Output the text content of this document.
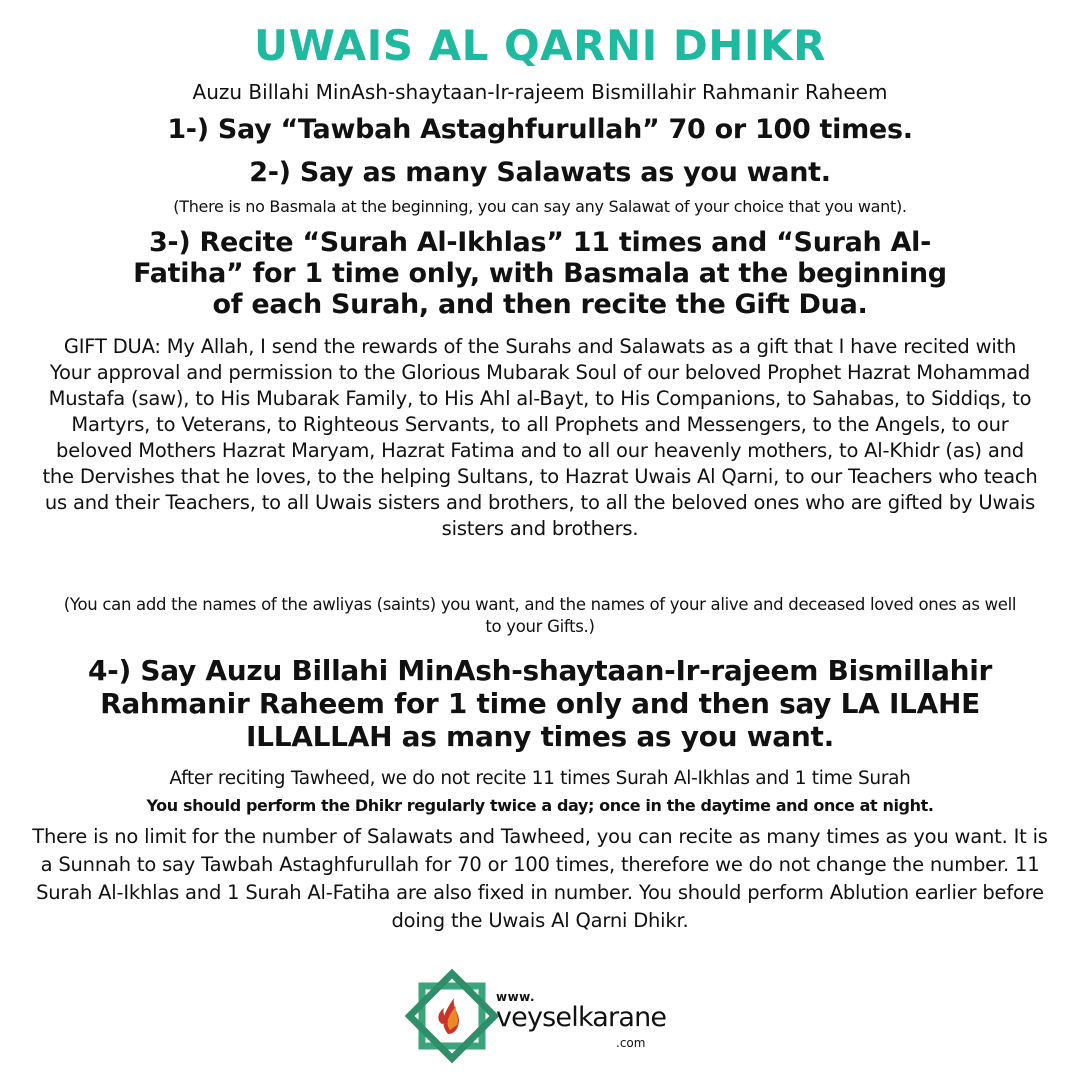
UWAIS AL QARNI DHIKR
Auzu Billahi MinAsh-shaytaan-Ir-rajeem Bismillahir Rahmanir Raheem
1-) Say “Tawbah Astaghfurullah” 70 or 100 times.
2-) Say as many Salawats as you want.
(There is no Basmala at the beginning, you can say any Salawat of your choice that you want).
3-) Recite “Surah Al-Ikhlas” 11 times and “Surah Al-Fatiha” for 1 time only, with Basmala at the beginning of each Surah, and then recite the Gift Dua.
GIFT DUA: My Allah, I send the rewards of the Surahs and Salawats as a gift that I have recited with Your approval and permission to the Glorious Mubarak Soul of our beloved Prophet Hazrat Mohammad Mustafa (saw), to His Mubarak Family, to His Ahl al-Bayt, to His Companions, to Sahabas, to Siddiqs, to Martyrs, to Veterans, to Righteous Servants, to all Prophets and Messengers, to the Angels, to our beloved Mothers Hazrat Maryam, Hazrat Fatima and to all our heavenly mothers, to Al-Khidr (as) and the Dervishes that he loves, to the helping Sultans, to Hazrat Uwais Al Qarni, to our Teachers who teach us and their Teachers, to all Uwais sisters and brothers, to all the beloved ones who are gifted by Uwais sisters and brothers.
(You can add the names of the awliyas (saints) you want, and the names of your alive and deceased loved ones as well to your Gifts.)
4-) Say Auzu Billahi MinAsh-shaytaan-Ir-rajeem Bismillahir Rahmanir Raheem for 1 time only and then say LA ILAHE ILLALLAH as many times as you want.
After reciting Tawheed, we do not recite 11 times Surah Al-Ikhlas and 1 time Surah
You should perform the Dhikr regularly twice a day; once in the daytime and once at night.
There is no limit for the number of Salawats and Tawheed, you can recite as many times as you want. It is a Sunnah to say Tawbah Astaghfurullah for 70 or 100 times, therefore we do not change the number. 11 Surah Al-Ikhlas and 1 Surah Al-Fatiha are also fixed in number. You should perform Ablution earlier before doing the Uwais Al Qarni Dhikr.
www.
veyselkarane
.com
